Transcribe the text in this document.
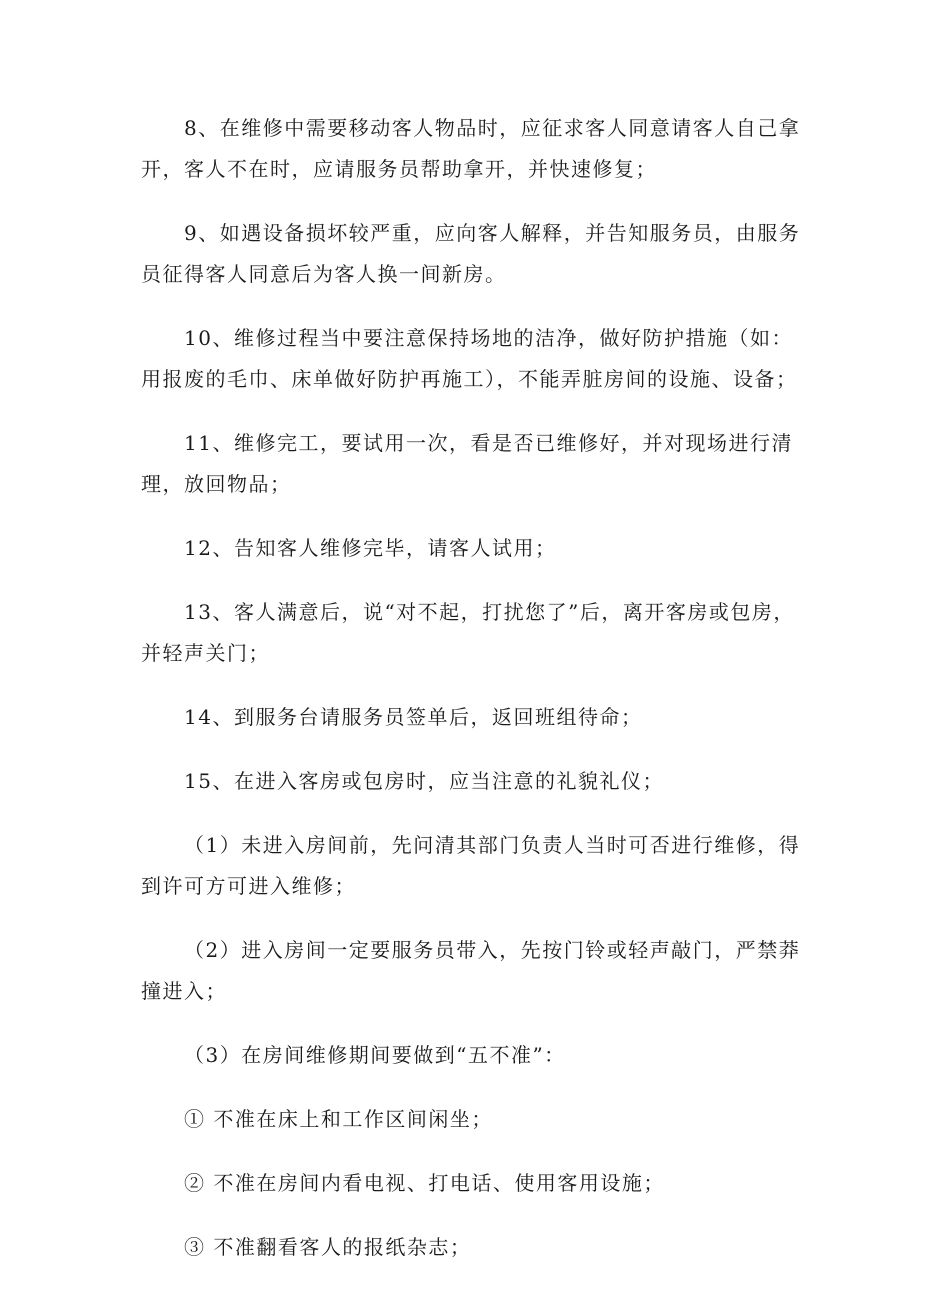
8、在维修中需要移动客人物品时，应征求客人同意请客人自己拿开，客人不在时，应请服务员帮助拿开，并快速修复；

9、如遇设备损坏较严重，应向客人解释，并告知服务员，由服务员征得客人同意后为客人换一间新房。

10、维修过程当中要注意保持场地的洁净，做好防护措施（如：用报废的毛巾、床单做好防护再施工），不能弄脏房间的设施、设备；

11、维修完工，要试用一次，看是否已维修好，并对现场进行清理，放回物品；

12、告知客人维修完毕，请客人试用；

13、客人满意后，说“对不起，打扰您了”后，离开客房或包房，并轻声关门；

14、到服务台请服务员签单后，返回班组待命；

15、在进入客房或包房时，应当注意的礼貌礼仪；

（1）未进入房间前，先问清其部门负责人当时可否进行维修，得到许可方可进入维修；

（2）进入房间一定要服务员带入，先按门铃或轻声敲门，严禁莽撞进入；

（3）在房间维修期间要做到“五不准”：

① 不准在床上和工作区间闲坐；

② 不准在房间内看电视、打电话、使用客用设施；

③ 不准翻看客人的报纸杂志；
